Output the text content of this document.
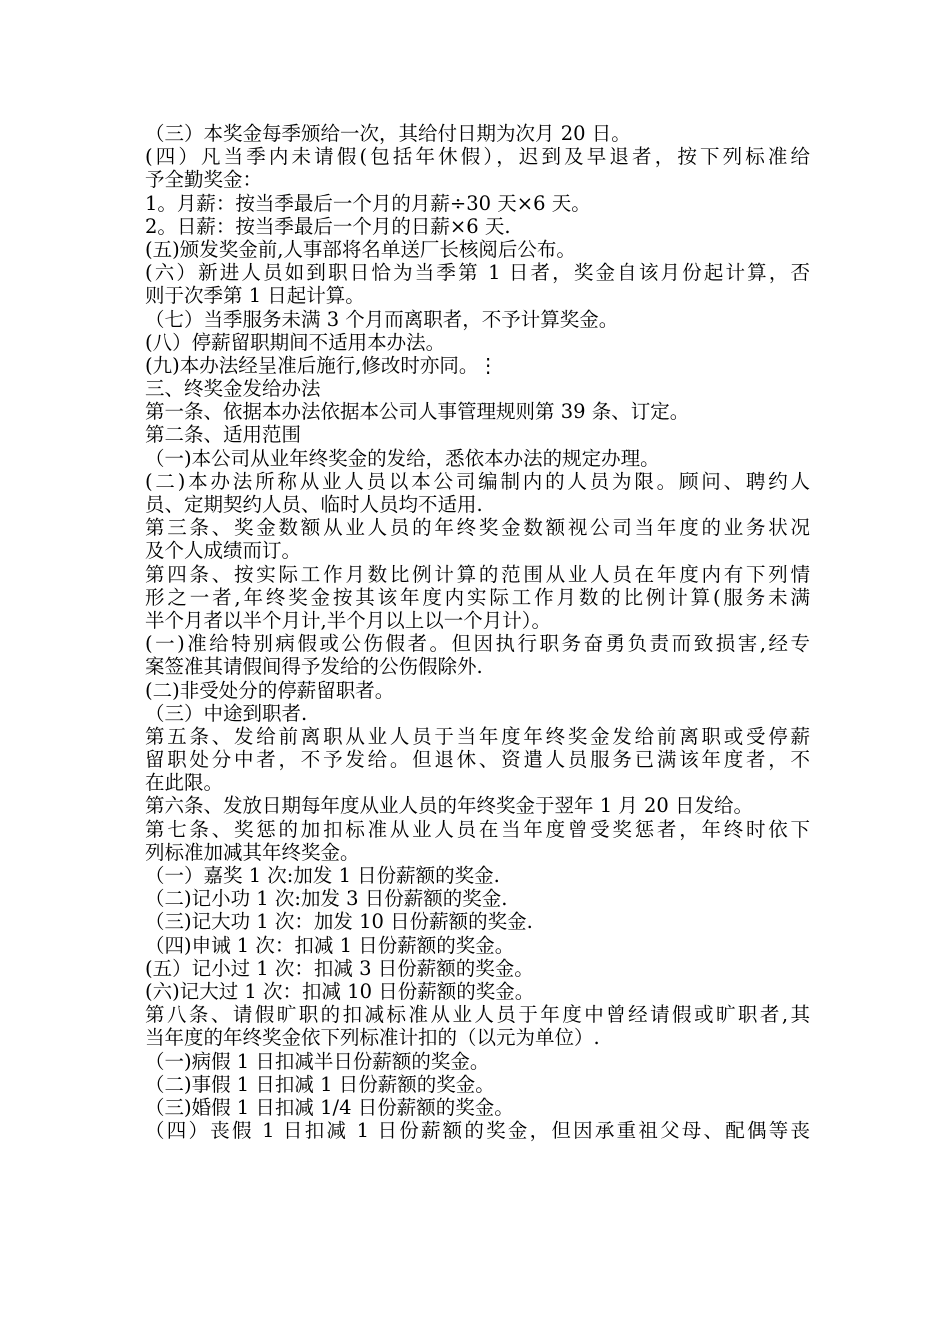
（三）本奖金每季颁给一次，其给付日期为次月 20 日。
(四）凡当季内未请假(包括年休假），迟到及早退者，按下列标准给
予全勤奖金：
1。月薪：按当季最后一个月的月薪÷30 天×6 天。
2。日薪：按当季最后一个月的日薪×6 天.
(五)颁发奖金前,人事部将名单送厂长核阅后公布。
(六）新进人员如到职日恰为当季第 1 日者，奖金自该月份起计算，否
则于次季第 1 日起计算。
（七）当季服务未满 3 个月而离职者，不予计算奖金。
(八）停薪留职期间不适用本办法。
(九)本办法经呈准后施行,修改时亦同。⋮
三、终奖金发给办法
第一条、依据本办法依据本公司人事管理规则第 39 条、订定。
第二条、适用范围
（一)本公司从业年终奖金的发给，悉依本办法的规定办理。
(二)本办法所称从业人员以本公司编制内的人员为限。顾问、聘约人
员、定期契约人员、临时人员均不适用.
第三条、奖金数额从业人员的年终奖金数额视公司当年度的业务状况
及个人成绩而订。
第四条、按实际工作月数比例计算的范围从业人员在年度内有下列情
形之一者,年终奖金按其该年度内实际工作月数的比例计算(服务未满
半个月者以半个月计,半个月以上以一个月计）。
(一)准给特别病假或公伤假者。但因执行职务奋勇负责而致损害,经专
案签准其请假间得予发给的公伤假除外.
(二)非受处分的停薪留职者。
（三）中途到职者.
第五条、发给前离职从业人员于当年度年终奖金发给前离职或受停薪
留职处分中者，不予发给。但退休、资遣人员服务已满该年度者，不
在此限。
第六条、发放日期每年度从业人员的年终奖金于翌年 1 月 20 日发给。
第七条、奖惩的加扣标准从业人员在当年度曾受奖惩者，年终时依下
列标准加减其年终奖金。
（一）嘉奖 1 次:加发 1 日份薪额的奖金.
（二)记小功 1 次:加发 3 日份薪额的奖金.
（三)记大功 1 次：加发 10 日份薪额的奖金.
（四)申诫 1 次：扣减 1 日份薪额的奖金。
(五）记小过 1 次：扣减 3 日份薪额的奖金。
(六)记大过 1 次：扣减 10 日份薪额的奖金。
第八条、请假旷职的扣减标准从业人员于年度中曾经请假或旷职者,其
当年度的年终奖金依下列标准计扣的（以元为单位）.
（一)病假 1 日扣减半日份薪额的奖金。
（二)事假 1 日扣减 1 日份薪额的奖金。
（三)婚假 1 日扣减 1/4 日份薪额的奖金。
（四）丧假 1 日扣减 1 日份薪额的奖金，但因承重祖父母、配偶等丧
